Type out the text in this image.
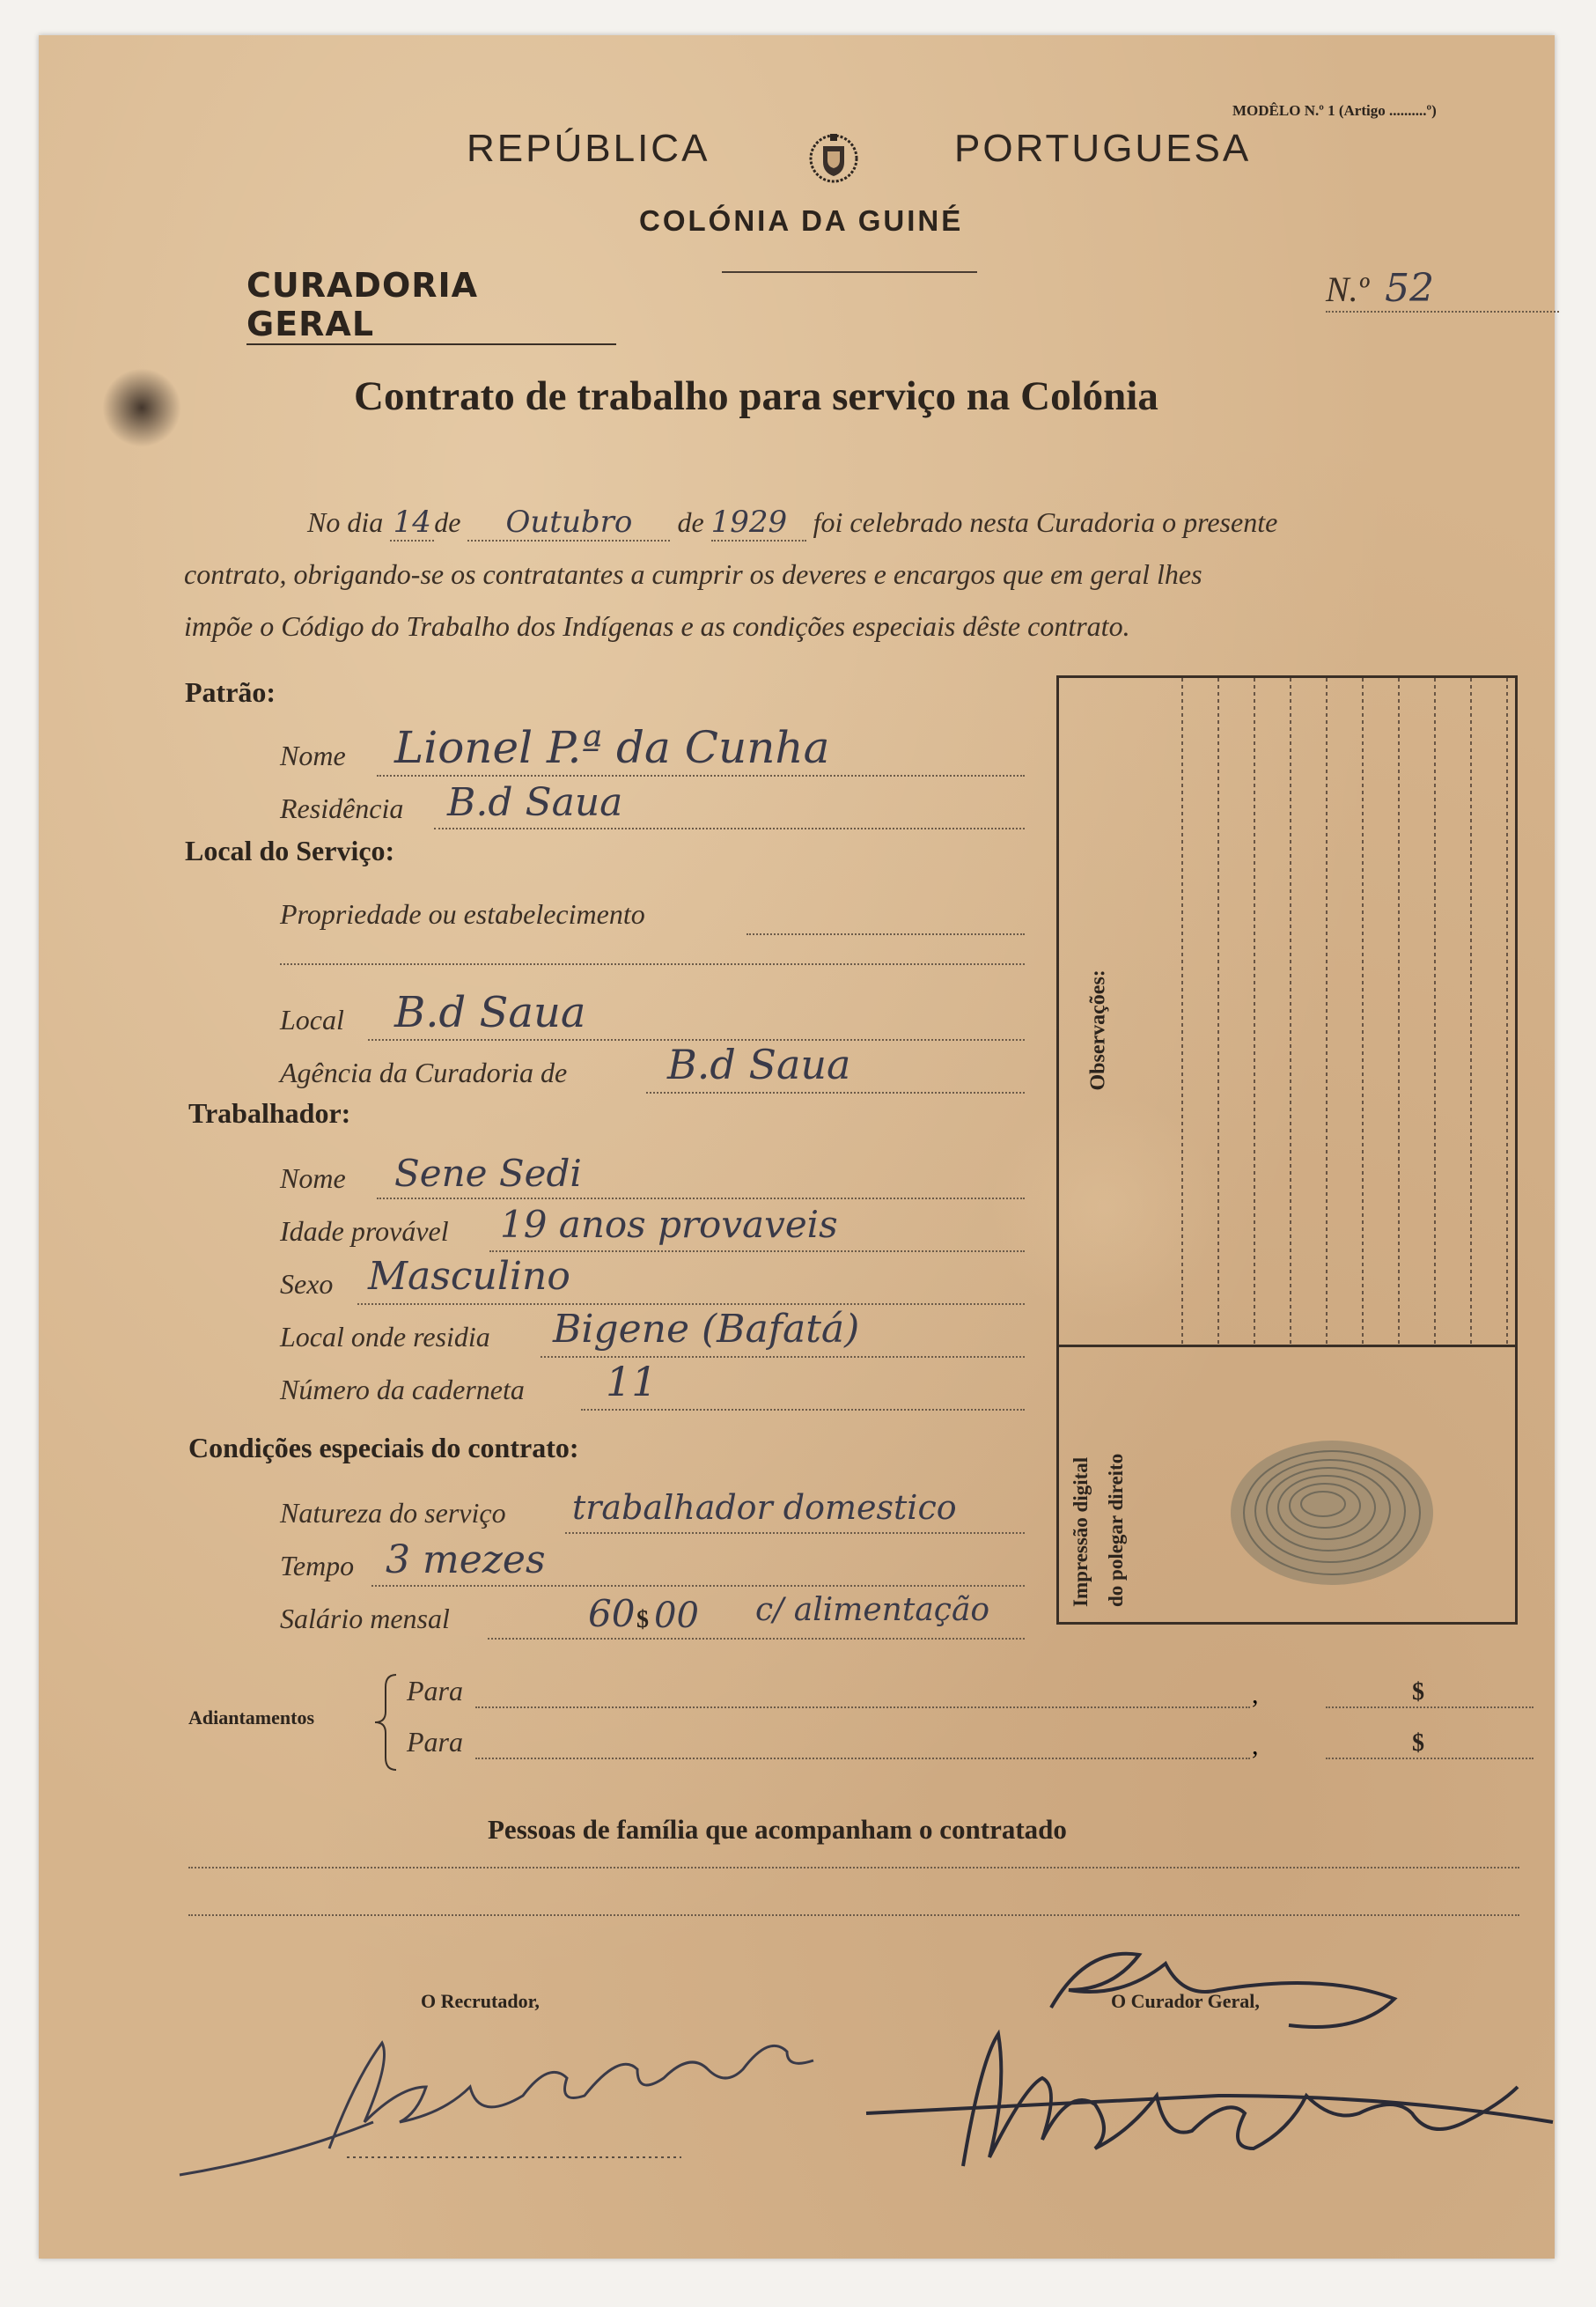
MODÊLO N.º 1 (Artigo ..........º)
REPÚBLICA	PORTUGUESA
COLÓNIA DA GUINÉ
CURADORIA GERAL
N.º 52
Contrato de trabalho para serviço na Colónia
No dia 14 de Outubro de 1929 foi celebrado nesta Curadoria o presente
contrato, obrigando-se os contratantes a cumprir os deveres e encargos que em geral lhes
impõe o Código do Trabalho dos Indígenas e as condições especiais dêste contrato.
Patrão:
Nome Lionel P.ª da Cunha
Residência B.d Saua
Local do Serviço:
Propriedade ou estabelecimento
Local B.d Saua
Agência da Curadoria de B.d Saua
Trabalhador:
Nome Sene Sedi
Idade provável 19 anos provaveis
Sexo Masculino
Local onde residia Bigene (Bafatá)
Número da caderneta 11
Condições especiais do contrato:
Natureza do serviço trabalhador domestico
Tempo 3 mezes
Salário mensal	60 $ 00 c/ alimentação
Observações:
Impressão digital do polegar direito
Adiantamentos
Para	,	$
Para	,	$
Pessoas de família que acompanham o contratado
O Recrutador,	O Curador Geral,
